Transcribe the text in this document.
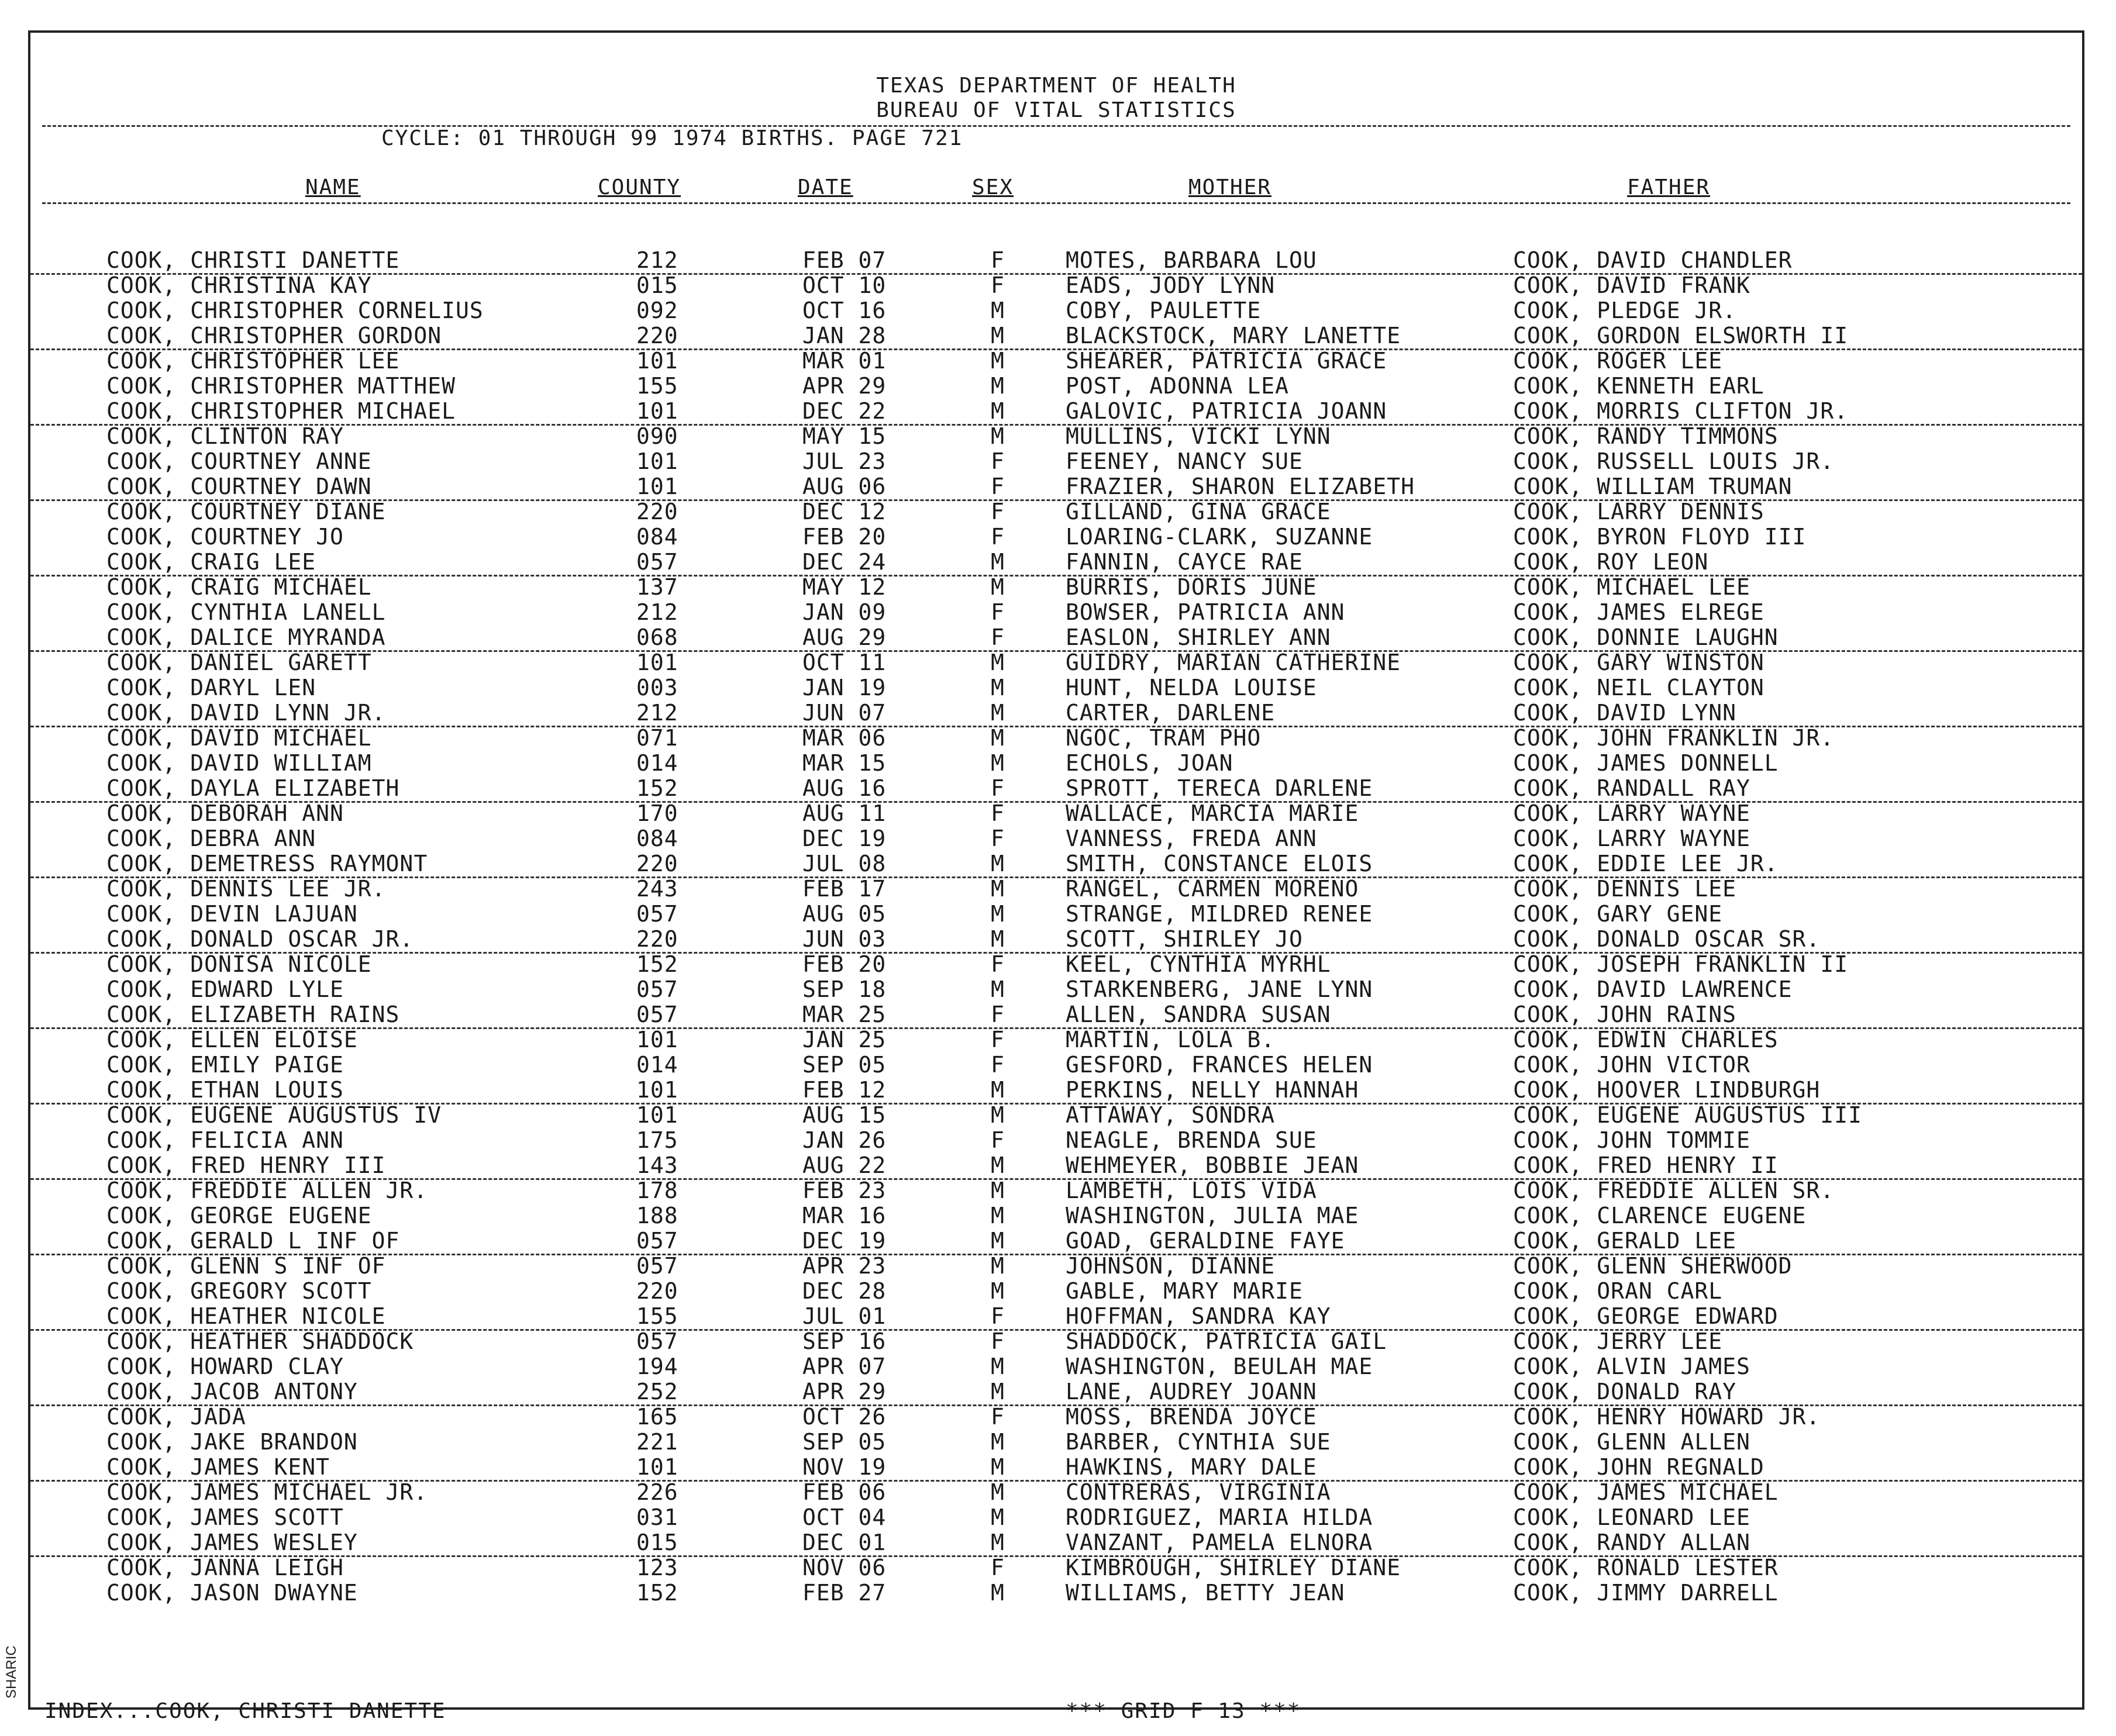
SHARIC
TEXAS DEPARTMENT OF HEALTH
BUREAU OF VITAL STATISTICS
CYCLE: 01 THROUGH 99 1974 BIRTHS. PAGE 721
NAME	COUNTY	DATE	SEX	MOTHER	FATHER
COOK, CHRISTI DANETTE	212	FEB 07	F	MOTES, BARBARA LOU	COOK, DAVID CHANDLER
COOK, CHRISTINA KAY	015	OCT 10	F	EADS, JODY LYNN	COOK, DAVID FRANK
COOK, CHRISTOPHER CORNELIUS	092	OCT 16	M	COBY, PAULETTE	COOK, PLEDGE JR.
COOK, CHRISTOPHER GORDON	220	JAN 28	M	BLACKSTOCK, MARY LANETTE	COOK, GORDON ELSWORTH II
COOK, CHRISTOPHER LEE	101	MAR 01	M	SHEARER, PATRICIA GRACE	COOK, ROGER LEE
COOK, CHRISTOPHER MATTHEW	155	APR 29	M	POST, ADONNA LEA	COOK, KENNETH EARL
COOK, CHRISTOPHER MICHAEL	101	DEC 22	M	GALOVIC, PATRICIA JOANN	COOK, MORRIS CLIFTON JR.
COOK, CLINTON RAY	090	MAY 15	M	MULLINS, VICKI LYNN	COOK, RANDY TIMMONS
COOK, COURTNEY ANNE	101	JUL 23	F	FEENEY, NANCY SUE	COOK, RUSSELL LOUIS JR.
COOK, COURTNEY DAWN	101	AUG 06	F	FRAZIER, SHARON ELIZABETH	COOK, WILLIAM TRUMAN
COOK, COURTNEY DIANE	220	DEC 12	F	GILLAND, GINA GRACE	COOK, LARRY DENNIS
COOK, COURTNEY JO	084	FEB 20	F	LOARING-CLARK, SUZANNE	COOK, BYRON FLOYD III
COOK, CRAIG LEE	057	DEC 24	M	FANNIN, CAYCE RAE	COOK, ROY LEON
COOK, CRAIG MICHAEL	137	MAY 12	M	BURRIS, DORIS JUNE	COOK, MICHAEL LEE
COOK, CYNTHIA LANELL	212	JAN 09	F	BOWSER, PATRICIA ANN	COOK, JAMES ELREGE
COOK, DALICE MYRANDA	068	AUG 29	F	EASLON, SHIRLEY ANN	COOK, DONNIE LAUGHN
COOK, DANIEL GARETT	101	OCT 11	M	GUIDRY, MARIAN CATHERINE	COOK, GARY WINSTON
COOK, DARYL LEN	003	JAN 19	M	HUNT, NELDA LOUISE	COOK, NEIL CLAYTON
COOK, DAVID LYNN JR.	212	JUN 07	M	CARTER, DARLENE	COOK, DAVID LYNN
COOK, DAVID MICHAEL	071	MAR 06	M	NGOC, TRAM PHO	COOK, JOHN FRANKLIN JR.
COOK, DAVID WILLIAM	014	MAR 15	M	ECHOLS, JOAN	COOK, JAMES DONNELL
COOK, DAYLA ELIZABETH	152	AUG 16	F	SPROTT, TERECA DARLENE	COOK, RANDALL RAY
COOK, DEBORAH ANN	170	AUG 11	F	WALLACE, MARCIA MARIE	COOK, LARRY WAYNE
COOK, DEBRA ANN	084	DEC 19	F	VANNESS, FREDA ANN	COOK, LARRY WAYNE
COOK, DEMETRESS RAYMONT	220	JUL 08	M	SMITH, CONSTANCE ELOIS	COOK, EDDIE LEE JR.
COOK, DENNIS LEE JR.	243	FEB 17	M	RANGEL, CARMEN MORENO	COOK, DENNIS LEE
COOK, DEVIN LAJUAN	057	AUG 05	M	STRANGE, MILDRED RENEE	COOK, GARY GENE
COOK, DONALD OSCAR JR.	220	JUN 03	M	SCOTT, SHIRLEY JO	COOK, DONALD OSCAR SR.
COOK, DONISA NICOLE	152	FEB 20	F	KEEL, CYNTHIA MYRHL	COOK, JOSEPH FRANKLIN II
COOK, EDWARD LYLE	057	SEP 18	M	STARKENBERG, JANE LYNN	COOK, DAVID LAWRENCE
COOK, ELIZABETH RAINS	057	MAR 25	F	ALLEN, SANDRA SUSAN	COOK, JOHN RAINS
COOK, ELLEN ELOISE	101	JAN 25	F	MARTIN, LOLA B.	COOK, EDWIN CHARLES
COOK, EMILY PAIGE	014	SEP 05	F	GESFORD, FRANCES HELEN	COOK, JOHN VICTOR
COOK, ETHAN LOUIS	101	FEB 12	M	PERKINS, NELLY HANNAH	COOK, HOOVER LINDBURGH
COOK, EUGENE AUGUSTUS IV	101	AUG 15	M	ATTAWAY, SONDRA	COOK, EUGENE AUGUSTUS III
COOK, FELICIA ANN	175	JAN 26	F	NEAGLE, BRENDA SUE	COOK, JOHN TOMMIE
COOK, FRED HENRY III	143	AUG 22	M	WEHMEYER, BOBBIE JEAN	COOK, FRED HENRY II
COOK, FREDDIE ALLEN JR.	178	FEB 23	M	LAMBETH, LOIS VIDA	COOK, FREDDIE ALLEN SR.
COOK, GEORGE EUGENE	188	MAR 16	M	WASHINGTON, JULIA MAE	COOK, CLARENCE EUGENE
COOK, GERALD L INF OF	057	DEC 19	M	GOAD, GERALDINE FAYE	COOK, GERALD LEE
COOK, GLENN S INF OF	057	APR 23	M	JOHNSON, DIANNE	COOK, GLENN SHERWOOD
COOK, GREGORY SCOTT	220	DEC 28	M	GABLE, MARY MARIE	COOK, ORAN CARL
COOK, HEATHER NICOLE	155	JUL 01	F	HOFFMAN, SANDRA KAY	COOK, GEORGE EDWARD
COOK, HEATHER SHADDOCK	057	SEP 16	F	SHADDOCK, PATRICIA GAIL	COOK, JERRY LEE
COOK, HOWARD CLAY	194	APR 07	M	WASHINGTON, BEULAH MAE	COOK, ALVIN JAMES
COOK, JACOB ANTONY	252	APR 29	M	LANE, AUDREY JOANN	COOK, DONALD RAY
COOK, JADA	165	OCT 26	F	MOSS, BRENDA JOYCE	COOK, HENRY HOWARD JR.
COOK, JAKE BRANDON	221	SEP 05	M	BARBER, CYNTHIA SUE	COOK, GLENN ALLEN
COOK, JAMES KENT	101	NOV 19	M	HAWKINS, MARY DALE	COOK, JOHN REGNALD
COOK, JAMES MICHAEL JR.	226	FEB 06	M	CONTRERAS, VIRGINIA	COOK, JAMES MICHAEL
COOK, JAMES SCOTT	031	OCT 04	M	RODRIGUEZ, MARIA HILDA	COOK, LEONARD LEE
COOK, JAMES WESLEY	015	DEC 01	M	VANZANT, PAMELA ELNORA	COOK, RANDY ALLAN
COOK, JANNA LEIGH	123	NOV 06	F	KIMBROUGH, SHIRLEY DIANE	COOK, RONALD LESTER
COOK, JASON DWAYNE	152	FEB 27	M	WILLIAMS, BETTY JEAN	COOK, JIMMY DARRELL
INDEX...COOK, CHRISTI DANETTE	*** GRID F 13 ***
